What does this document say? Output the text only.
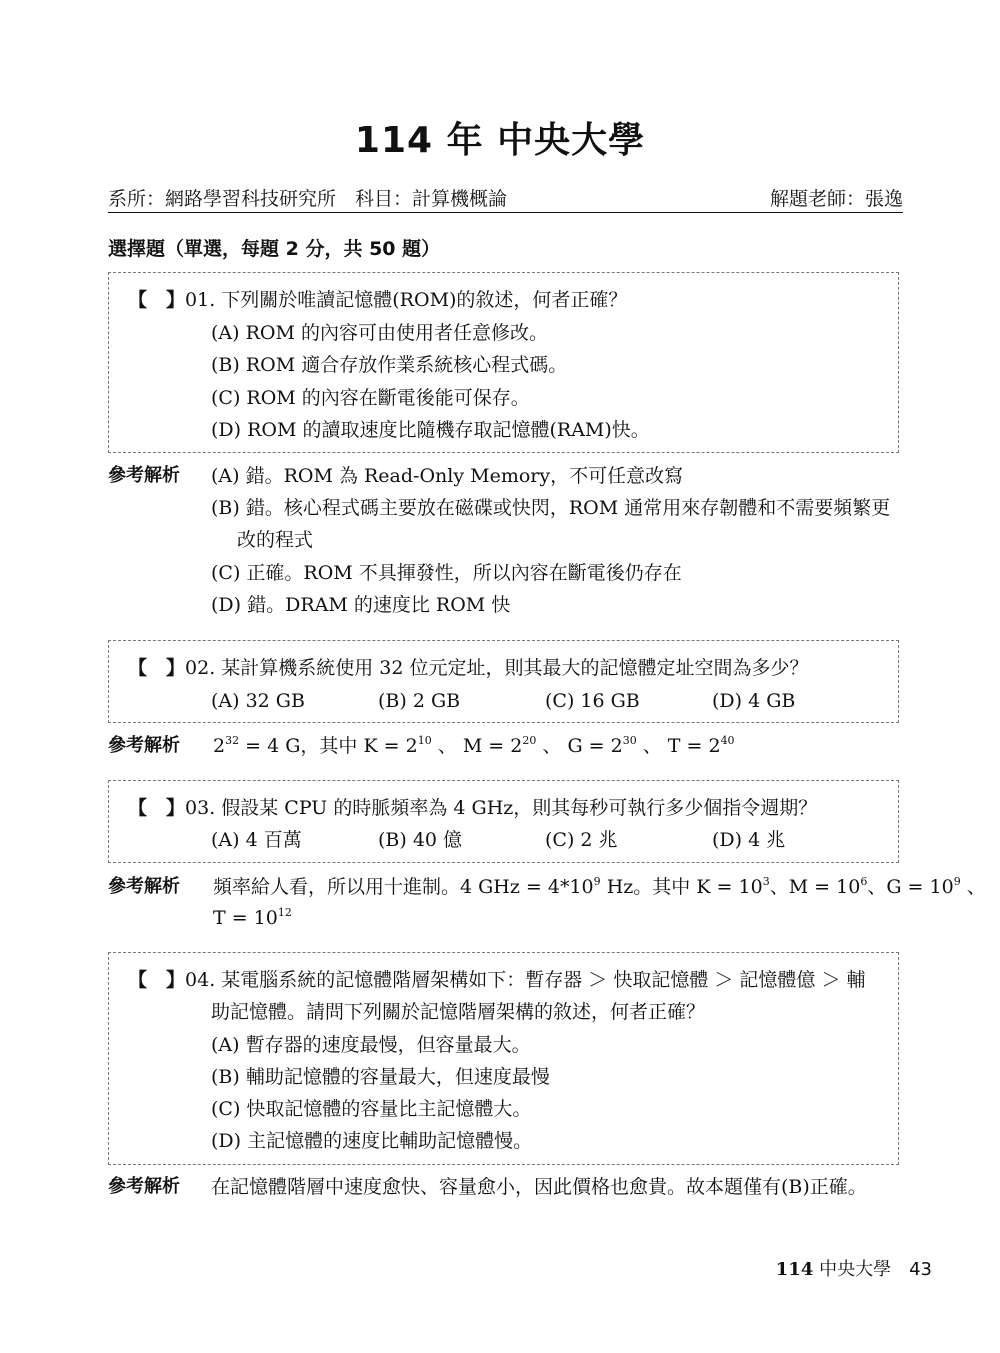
114 年 中央大學
系所：網路學習科技研究所　科目：計算機概論	解題老師：張逸
選擇題（單選，每題 2 分，共 50 題）
【　】01. 下列關於唯讀記憶體(ROM)的敘述，何者正確？
(A) ROM 的內容可由使用者任意修改。
(B) ROM 適合存放作業系統核心程式碼。
(C) ROM 的內容在斷電後能可保存。
(D) ROM 的讀取速度比隨機存取記憶體(RAM)快。
參考解析 (A) 錯。ROM 為 Read-Only Memory，不可任意改寫
(B) 錯。核心程式碼主要放在磁碟或快閃，ROM 通常用來存韌體和不需要頻繁更
改的程式
(C) 正確。ROM 不具揮發性，所以內容在斷電後仍存在
(D) 錯。DRAM 的速度比 ROM 快
【　】02. 某計算機系統使用 32 位元定址，則其最大的記憶體定址空間為多少？
(A) 32 GB	(B) 2 GB	(C) 16 GB	(D) 4 GB
參考解析 $2^{32} = 4$ G，其中 $K = 2^{10}$ 、 $M = 2^{20}$ 、 $G = 2^{30}$ 、 $T = 2^{40}$
【　】03. 假設某 CPU 的時脈頻率為 4 GHz，則其每秒可執行多少個指令週期？
(A) 4 百萬	(B) 40 億	(C) 2 兆	(D) 4 兆
參考解析 頻率給人看，所以用十進制。4 GHz = $4*10^9$ Hz。其中 $K = 10^3$、$M = 10^6$、$G = 10^9$ 、
$T = 10^{12}$
【　】04. 某電腦系統的記憶體階層架構如下：暫存器 ＞ 快取記憶體 ＞ 記憶體億 ＞ 輔
助記憶體。請問下列關於記憶階層架構的敘述，何者正確？
(A) 暫存器的速度最慢，但容量最大。
(B) 輔助記憶體的容量最大，但速度最慢
(C) 快取記憶體的容量比主記憶體大。
(D) 主記憶體的速度比輔助記憶體慢。
參考解析 在記憶體階層中速度愈快、容量愈小，因此價格也愈貴。故本題僅有(B)正確。
114 中央大學 43
